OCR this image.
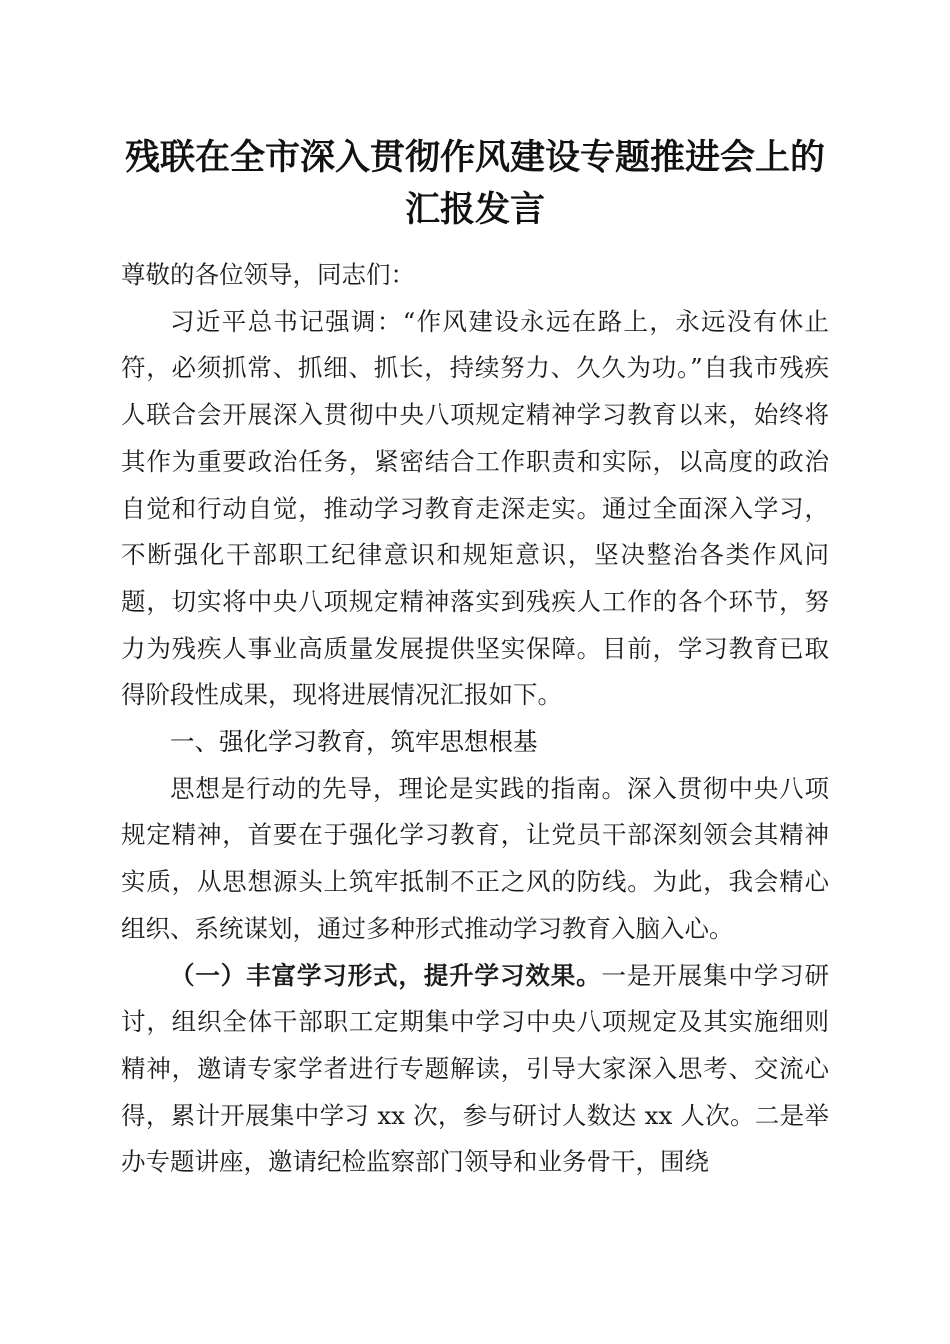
残联在全市深入贯彻作风建设专题推进会上的
汇报发言

尊敬的各位领导，同志们：

习近平总书记强调：“作风建设永远在路上，永远没有休止符，必须抓常、抓细、抓长，持续努力、久久为功。”自我市残疾人联合会开展深入贯彻中央八项规定精神学习教育以来，始终将其作为重要政治任务，紧密结合工作职责和实际，以高度的政治自觉和行动自觉，推动学习教育走深走实。通过全面深入学习，不断强化干部职工纪律意识和规矩意识，坚决整治各类作风问题，切实将中央八项规定精神落实到残疾人工作的各个环节，努力为残疾人事业高质量发展提供坚实保障。目前，学习教育已取得阶段性成果，现将进展情况汇报如下。

一、强化学习教育，筑牢思想根基

思想是行动的先导，理论是实践的指南。深入贯彻中央八项规定精神，首要在于强化学习教育，让党员干部深刻领会其精神实质，从思想源头上筑牢抵制不正之风的防线。为此，我会精心组织、系统谋划，通过多种形式推动学习教育入脑入心。

（一）丰富学习形式，提升学习效果。一是开展集中学习研讨，组织全体干部职工定期集中学习中央八项规定及其实施细则精神，邀请专家学者进行专题解读，引导大家深入思考、交流心得，累计开展集中学习 xx 次，参与研讨人数达 xx 人次。二是举办专题讲座，邀请纪检监察部门领导和业务骨干，围绕
